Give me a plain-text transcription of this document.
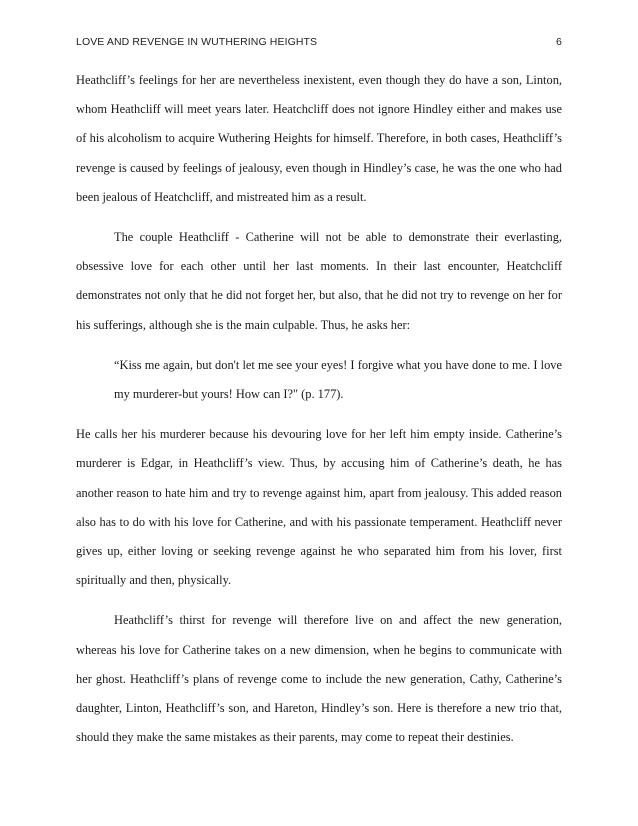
LOVE AND REVENGE IN WUTHERING HEIGHTS	6

Heathcliff’s feelings for her are nevertheless inexistent, even though they do have a son, Linton, whom Heathcliff will meet years later. Heatchcliff does not ignore Hindley either and makes use of his alcoholism to acquire Wuthering Heights for himself. Therefore, in both cases, Heathcliff’s revenge is caused by feelings of jealousy, even though in Hindley’s case, he was the one who had been jealous of Heatchcliff, and mistreated him as a result.

The couple Heathcliff - Catherine will not be able to demonstrate their everlasting, obsessive love for each other until her last moments. In their last encounter, Heatchcliff demonstrates not only that he did not forget her, but also, that he did not try to revenge on her for his sufferings, although she is the main culpable. Thus, he asks her:

“Kiss me again, but don't let me see your eyes! I forgive what you have done to me. I love my murderer-but yours! How can I?" (p. 177).

He calls her his murderer because his devouring love for her left him empty inside. Catherine’s murderer is Edgar, in Heathcliff’s view. Thus, by accusing him of Catherine’s death, he has another reason to hate him and try to revenge against him, apart from jealousy. This added reason also has to do with his love for Catherine, and with his passionate temperament. Heathcliff never gives up, either loving or seeking revenge against he who separated him from his lover, first spiritually and then, physically.

Heathcliff’s thirst for revenge will therefore live on and affect the new generation, whereas his love for Catherine takes on a new dimension, when he begins to communicate with her ghost. Heathcliff’s plans of revenge come to include the new generation, Cathy, Catherine’s daughter, Linton, Heathcliff’s son, and Hareton, Hindley’s son. Here is therefore a new trio that, should they make the same mistakes as their parents, may come to repeat their destinies.
